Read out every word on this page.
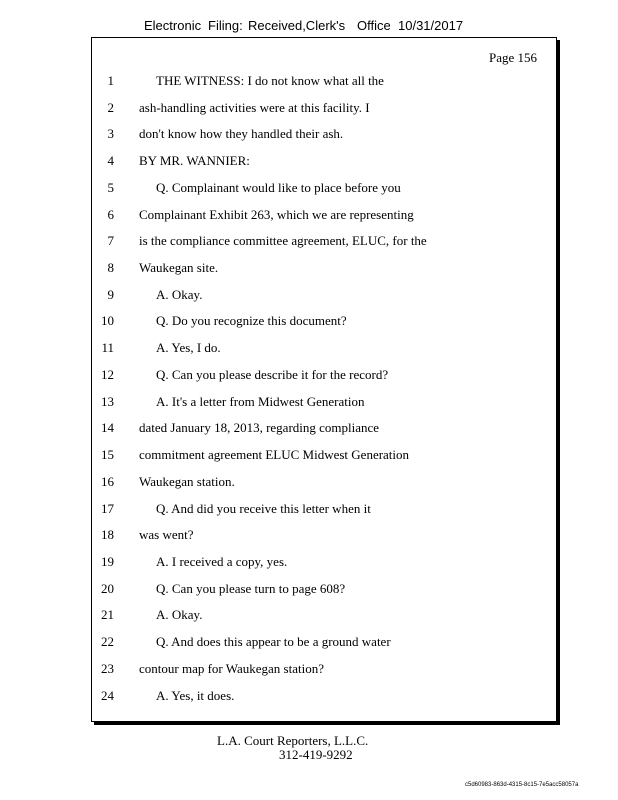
Electronic Filing: Received,Clerk's Office 10/31/2017
Page 156
1	THE WITNESS: I do not know what all the
2 ash-handling activities were at this facility. I
3 don't know how they handled their ash.
4 BY MR. WANNIER:
5	Q. Complainant would like to place before you
6 Complainant Exhibit 263, which we are representing
7 is the compliance committee agreement, ELUC, for the
8 Waukegan site.
9	A. Okay.
10	Q. Do you recognize this document?
11	A. Yes, I do.
12	Q. Can you please describe it for the record?
13	A. It's a letter from Midwest Generation
14 dated January 18, 2013, regarding compliance
15 commitment agreement ELUC Midwest Generation
16 Waukegan station.
17	Q. And did you receive this letter when it
18 was went?
19	A. I received a copy, yes.
20	Q. Can you please turn to page 608?
21	A. Okay.
22	Q. And does this appear to be a ground water
23 contour map for Waukegan station?
24	A. Yes, it does.
L.A. Court Reporters, L.L.C.
312-419-9292
c5d60983-863d-4315-8c15-7e5acc58057a
